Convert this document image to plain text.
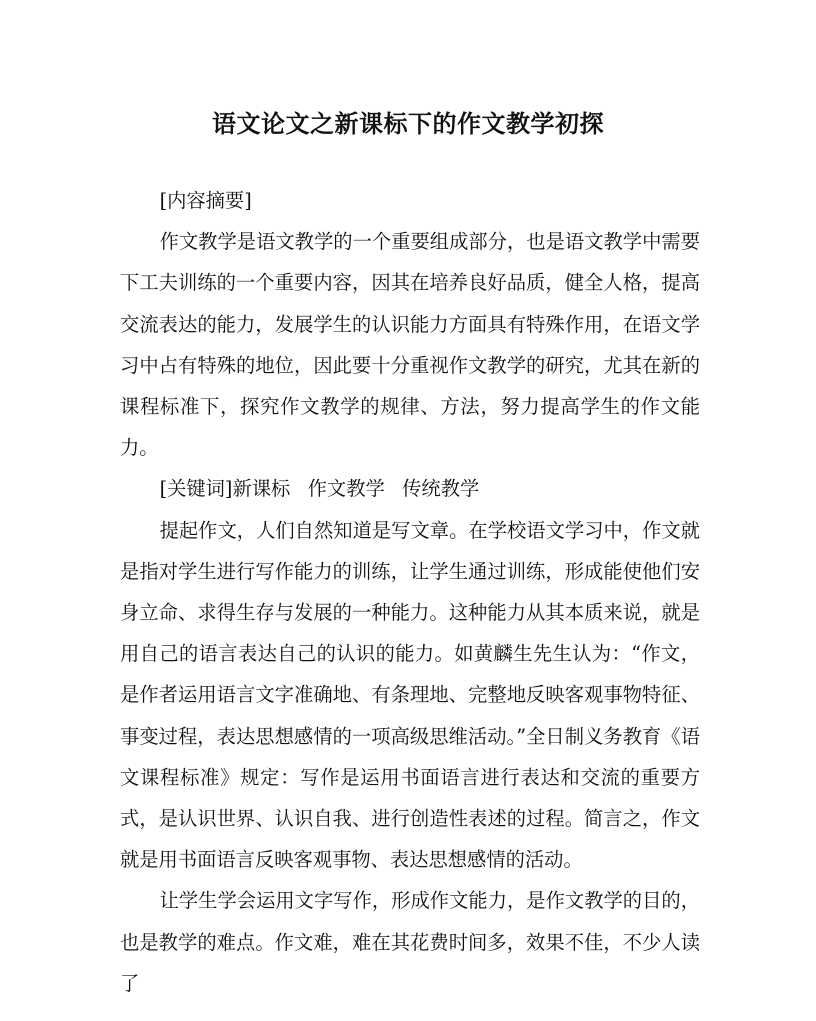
语文论文之新课标下的作文教学初探

[内容摘要]

作文教学是语文教学的一个重要组成部分，也是语文教学中需要下工夫训练的一个重要内容，因其在培养良好品质，健全人格，提高交流表达的能力，发展学生的认识能力方面具有特殊作用，在语文学习中占有特殊的地位，因此要十分重视作文教学的研究，尤其在新的课程标准下，探究作文教学的规律、方法，努力提高学生的作文能力。

[关键词]新课标 作文教学 传统教学

提起作文，人们自然知道是写文章。在学校语文学习中，作文就是指对学生进行写作能力的训练，让学生通过训练，形成能使他们安身立命、求得生存与发展的一种能力。这种能力从其本质来说，就是用自己的语言表达自己的认识的能力。如黄麟生先生认为：“作文，是作者运用语言文字准确地、有条理地、完整地反映客观事物特征、事变过程，表达思想感情的一项高级思维活动。”全日制义务教育《语文课程标准》规定：写作是运用书面语言进行表达和交流的重要方式，是认识世界、认识自我、进行创造性表述的过程。简言之，作文就是用书面语言反映客观事物、表达思想感情的活动。

让学生学会运用文字写作，形成作文能力，是作文教学的目的，也是教学的难点。作文难，难在其花费时间多，效果不佳，不少人读了
